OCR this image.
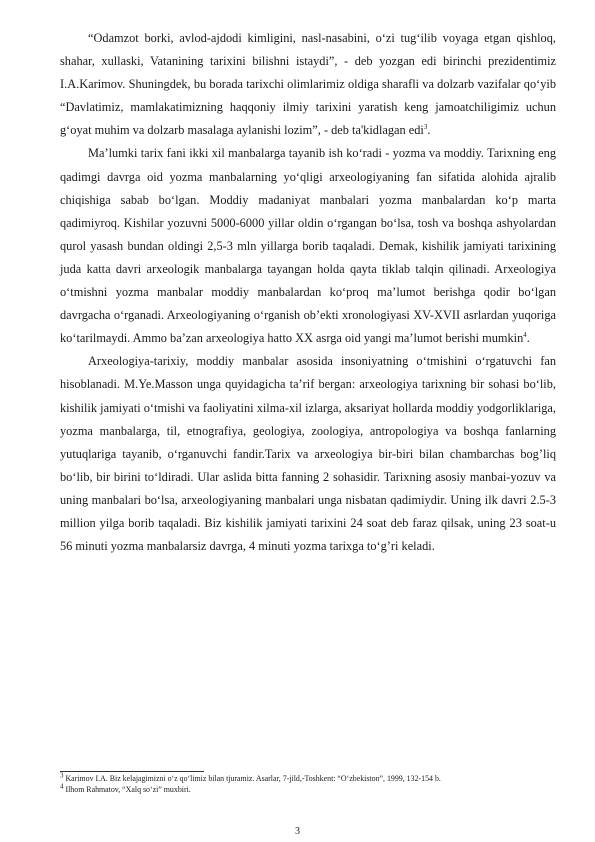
“Odamzot borki, avlod-ajdodi kimligini, nasl-nasabini, o‘zi tug‘ilib voyaga etgan qishloq, shahar, xullaski, Vatanining tarixini bilishni istaydi”, - deb yozgan edi birinchi prezidentimiz I.A.Karimov. Shuningdek, bu borada tarixchi olimlarimiz oldiga sharafli va dolzarb vazifalar qo‘yib “Davlatimiz, mamlakatimizning haqqoniy ilmiy tarixini yaratish keng jamoatchiligimiz uchun g‘oyat muhim va dolzarb masalaga aylanishi lozim”, - deb ta'kidlagan edi$^3$.

Ma’lumki tarix fani ikki xil manbalarga tayanib ish ko‘radi - yozma va moddiy. Tarixning eng qadimgi davrga oid yozma manbalarning yo‘qligi arxeologiyaning fan sifatida alohida ajralib chiqishiga sabab bo‘lgan. Moddiy madaniyat manbalari yozma manbalardan ko‘p marta qadimiyroq. Kishilar yozuvni 5000-6000 yillar oldin o‘rgangan bo‘lsa, tosh va boshqa ashyolardan qurol yasash bundan oldingi 2,5-3 mln yillarga borib taqaladi. Demak, kishilik jamiyati tarixining juda katta davri arxeologik manbalarga tayangan holda qayta tiklab talqin qilinadi. Arxeologiya o‘tmishni yozma manbalar moddiy manbalardan ko‘proq ma’lumot berishga qodir bo‘lgan davrgacha o‘rganadi. Arxeologiyaning o‘rganish ob’ekti xronologiyasi XV-XVII asrlardan yuqoriga ko‘tarilmaydi. Ammo ba’zan arxeologiya hatto XX asrga oid yangi ma’lumot berishi mumkin$^4$.

Arxeologiya-tarixiy, moddiy manbalar asosida insoniyatning o‘tmishini o‘rgatuvchi fan hisoblanadi. M.Ye.Masson unga quyidagicha ta’rif bergan: arxeologiya tarixning bir sohasi bo‘lib, kishilik jamiyati o‘tmishi va faoliyatini xilma-xil izlarga, aksariyat hollarda moddiy yodgorliklariga, yozma manbalarga, til, etnografiya, geologiya, zoologiya, antropologiya va boshqa fanlarning yutuqlariga tayanib, o‘rganuvchi fandir.Tarix va arxeologiya bir-biri bilan chambarchas bog’liq bo‘lib, bir birini to‘ldiradi. Ular aslida bitta fanning 2 sohasidir. Tarixning asosiy manbai-yozuv va uning manbalari bo‘lsa, arxeologiyaning manbalari unga nisbatan qadimiydir. Uning ilk davri 2.5-3 million yilga borib taqaladi. Biz kishilik jamiyati tarixini 24 soat deb faraz qilsak, uning 23 soat-u 56 minuti yozma manbalarsiz davrga, 4 minuti yozma tarixga to‘g’ri keladi.

$^3$ Karimov I.A. Biz kelajagimizni o‘z qo‘limiz bilan tjuramiz. Asarlar, 7-jild,-Toshkent: “O‘zbekiston”, 1999, 132-154 b.

$^4$ Ilhom Rahmatov, “Xalq so‘zi” muxbiri.

3
